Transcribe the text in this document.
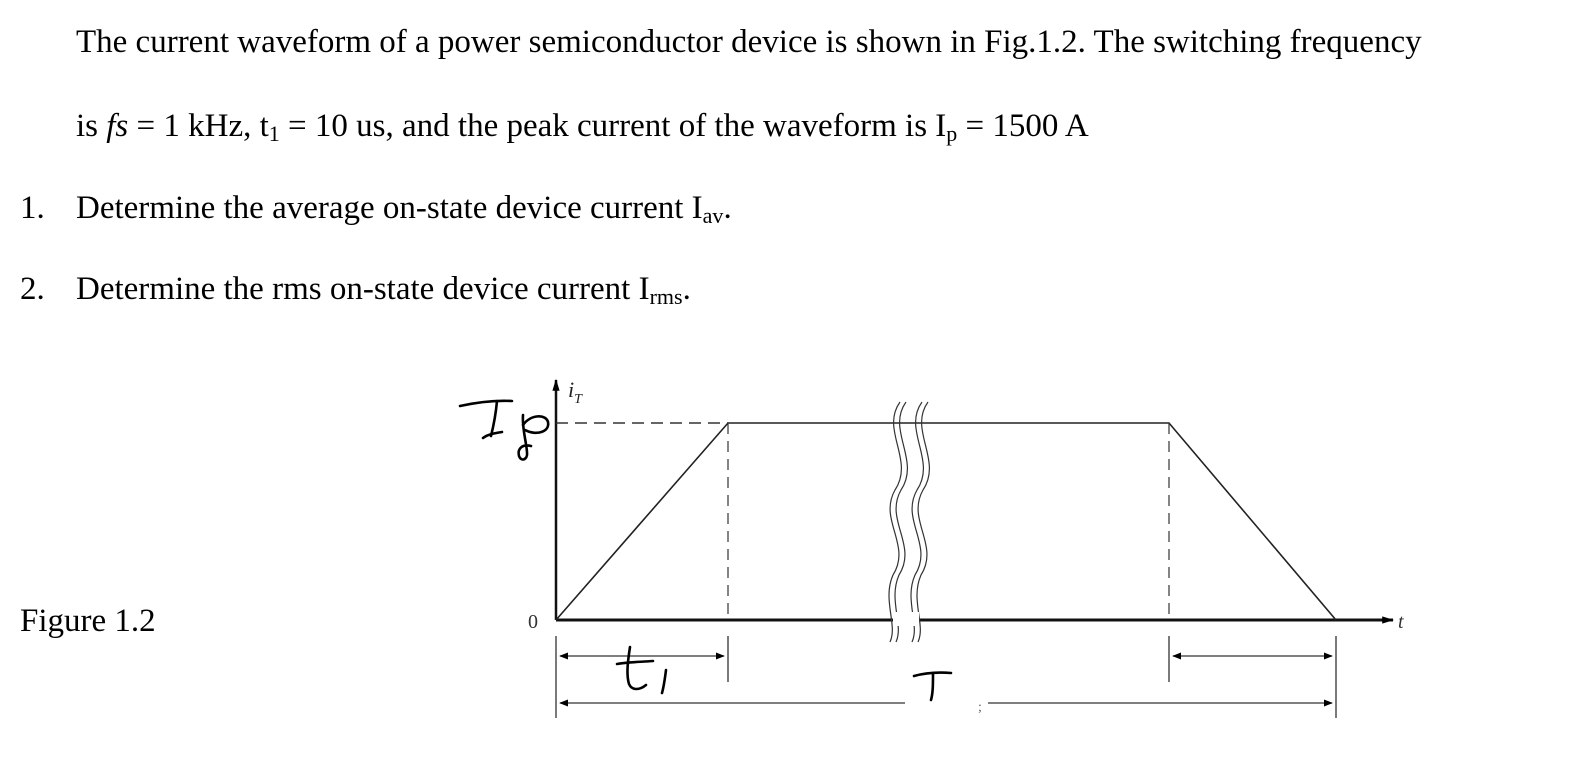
The current waveform of a power semiconductor device is shown in Fig.1.2. The switching frequency

is fs = 1 kHz, $t_1 = 10$ us, and the peak current of the waveform is $I_p = 1500$ A

1. Determine the average on-state device current $I_{av}$.

2. Determine the rms on-state device current $I_{rms}$.

Figure 1.2
$i_T$
t
0
;
